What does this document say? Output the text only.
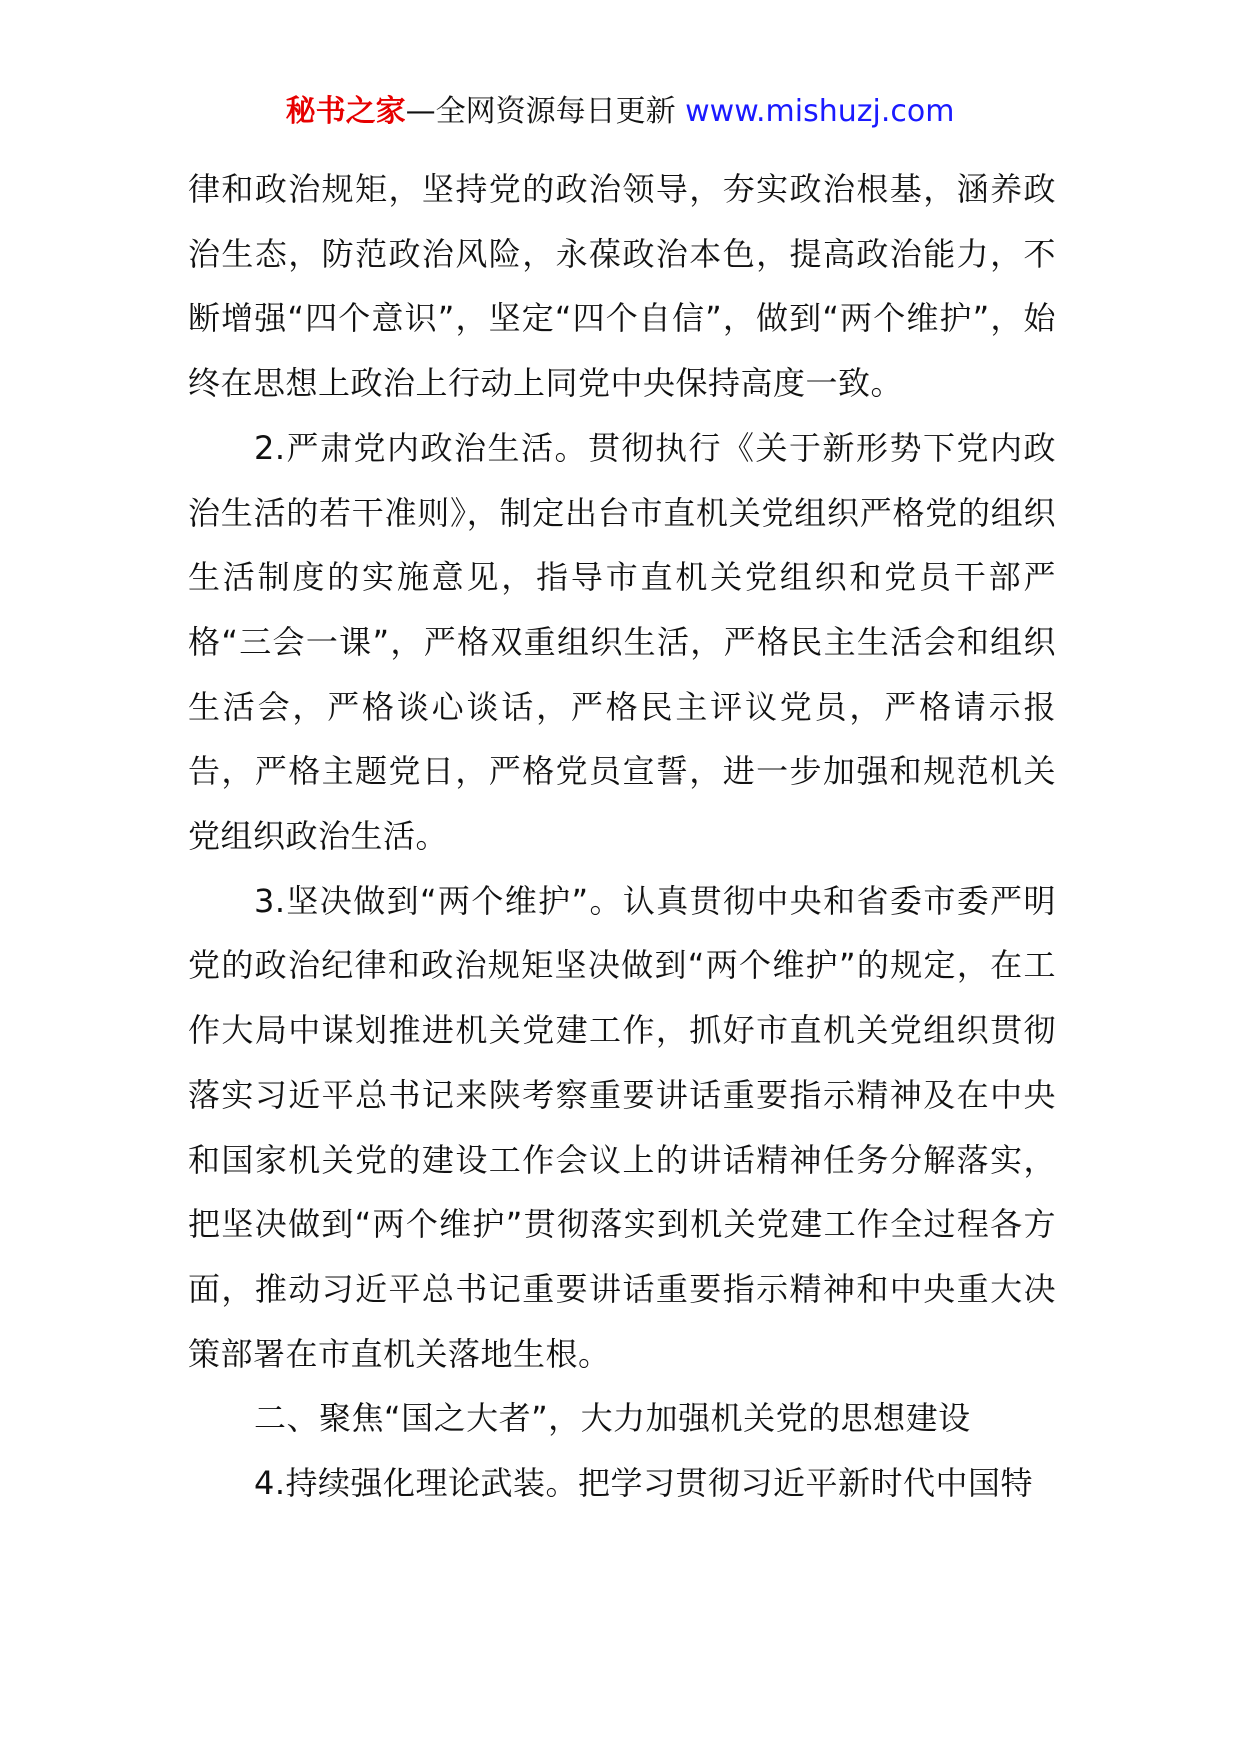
秘书之家—全网资源每日更新 www.mishuzj.com

律和政治规矩，坚持党的政治领导，夯实政治根基，涵养政治生态，防范政治风险，永葆政治本色，提高政治能力，不断增强“四个意识”，坚定“四个自信”，做到“两个维护”，始终在思想上政治上行动上同党中央保持高度一致。

2.严肃党内政治生活。贯彻执行《关于新形势下党内政治生活的若干准则》，制定出台市直机关党组织严格党的组织生活制度的实施意见，指导市直机关党组织和党员干部严格“三会一课”，严格双重组织生活，严格民主生活会和组织生活会，严格谈心谈话，严格民主评议党员，严格请示报告，严格主题党日，严格党员宣誓，进一步加强和规范机关党组织政治生活。

3.坚决做到“两个维护”。认真贯彻中央和省委市委严明党的政治纪律和政治规矩坚决做到“两个维护”的规定，在工作大局中谋划推进机关党建工作，抓好市直机关党组织贯彻落实习近平总书记来陕考察重要讲话重要指示精神及在中央和国家机关党的建设工作会议上的讲话精神任务分解落实，把坚决做到“两个维护”贯彻落实到机关党建工作全过程各方面，推动习近平总书记重要讲话重要指示精神和中央重大决策部署在市直机关落地生根。

二、聚焦“国之大者”，大力加强机关党的思想建设

4.持续强化理论武装。把学习贯彻习近平新时代中国特
